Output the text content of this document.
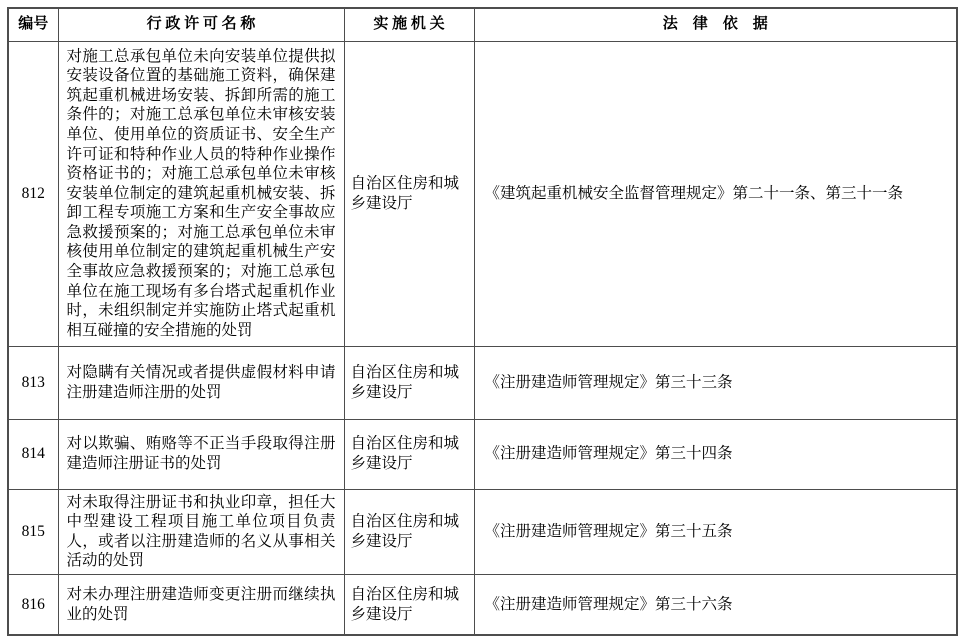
编号	行 政 许 可 名 称	实 施 机 关	法　律　依　据
812	对施工总承包单位未向安装单位提供拟安装设备位置的基础施工资料，确保建筑起重机械进场安装、拆卸所需的施工条件的；对施工总承包单位未审核安装单位、使用单位的资质证书、安全生产许可证和特种作业人员的特种作业操作资格证书的；对施工总承包单位未审核安装单位制定的建筑起重机械安装、拆卸工程专项施工方案和生产安全事故应急救援预案的；对施工总承包单位未审核使用单位制定的建筑起重机械生产安全事故应急救援预案的；对施工总承包单位在施工现场有多台塔式起重机作业时，未组织制定并实施防止塔式起重机相互碰撞的安全措施的处罚	自治区住房和城乡建设厅	《建筑起重机械安全监督管理规定》第二十一条、第三十一条
813	对隐瞒有关情况或者提供虚假材料申请注册建造师注册的处罚	自治区住房和城乡建设厅	《注册建造师管理规定》第三十三条
814	对以欺骗、贿赂等不正当手段取得注册建造师注册证书的处罚	自治区住房和城乡建设厅	《注册建造师管理规定》第三十四条
815	对未取得注册证书和执业印章，担任大中型建设工程项目施工单位项目负责人，或者以注册建造师的名义从事相关活动的处罚	自治区住房和城乡建设厅	《注册建造师管理规定》第三十五条
816	对未办理注册建造师变更注册而继续执业的处罚	自治区住房和城乡建设厅	《注册建造师管理规定》第三十六条
